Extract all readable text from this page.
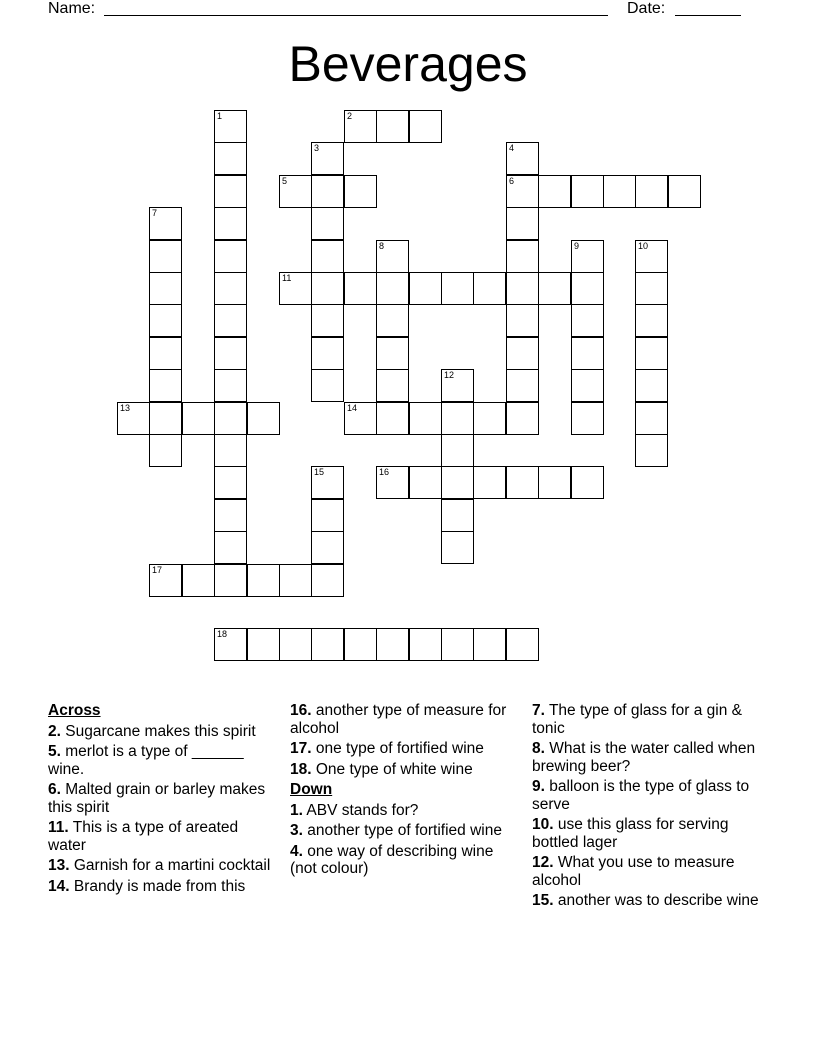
Name:	Date:
Beverages
1	2
3	4
6
5
7
8	9	10
11
12
13	14
15	16
17
18
Across
2. Sugarcane makes this spirit
5. merlot is a type of ______ wine.
6. Malted grain or barley makes this spirit
11. This is a type of areated water
13. Garnish for a martini cocktail
14. Brandy is made from this
16. another type of measure for alcohol
17. one type of fortified wine
18. One type of white wine
Down
1. ABV stands for?
3. another type of fortified wine
4. one way of describing wine (not colour)
7. The type of glass for a gin & tonic
8. What is the water called when brewing beer?
9. balloon is the type of glass to serve
10. use this glass for serving bottled lager
12. What you use to measure alcohol
15. another was to describe wine
